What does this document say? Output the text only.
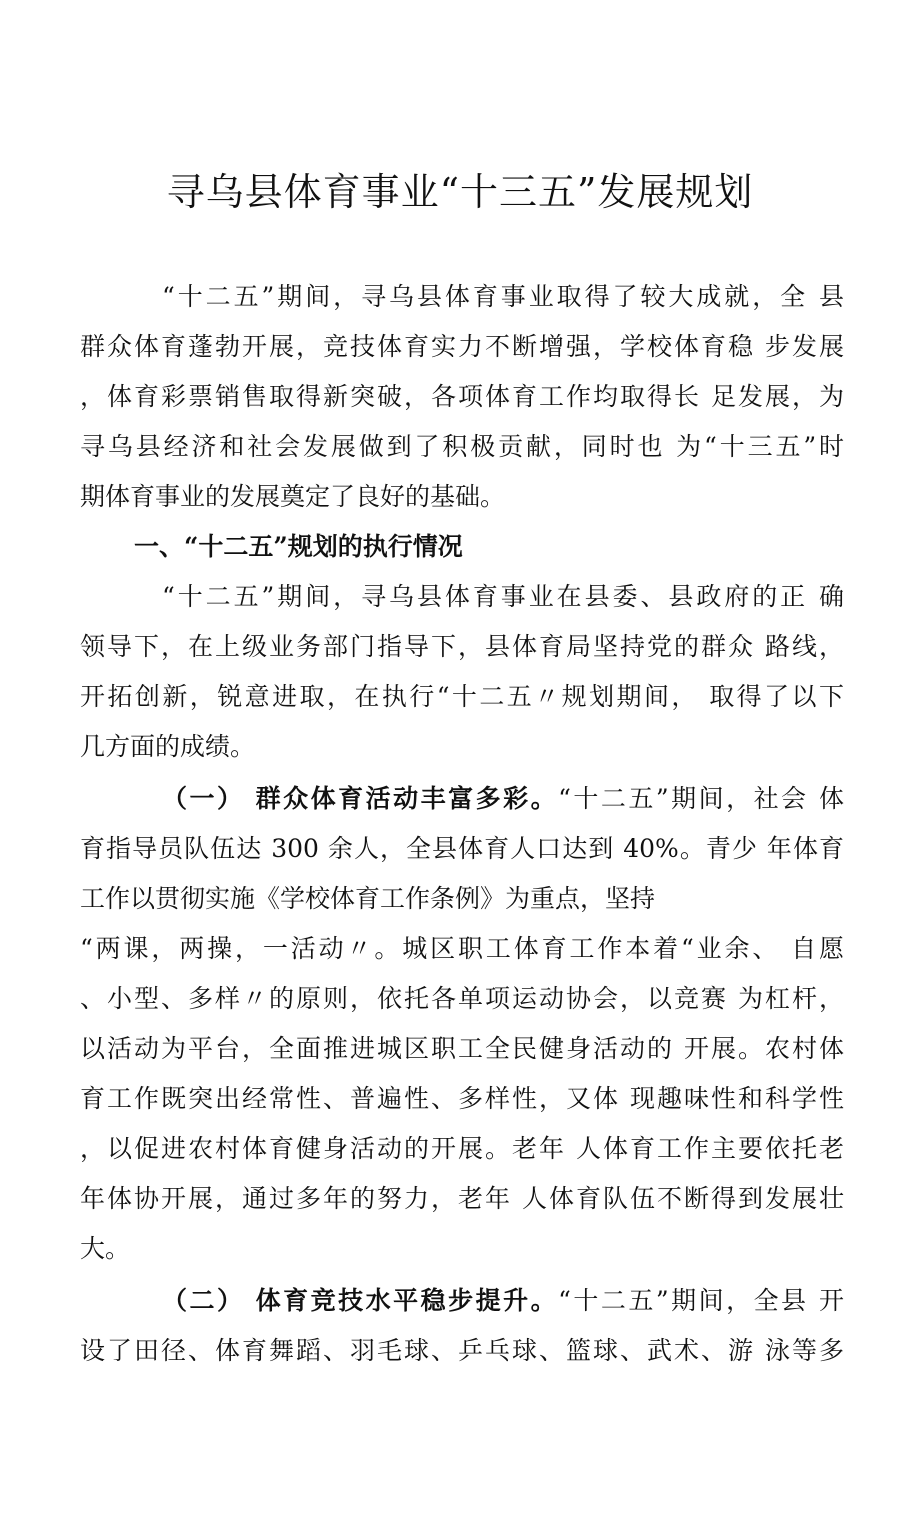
寻乌县体育事业“十三五”发展规划
“十二五”期间，寻乌县体育事业取得了较大成就，全 县
群众体育蓬勃开展，竞技体育实力不断增强，学校体育稳 步发展
，体育彩票销售取得新突破，各项体育工作均取得长 足发展，为
寻乌县经济和社会发展做到了积极贡献，同时也 为“十三五”时
期体育事业的发展奠定了良好的基础。
一、“十二五”规划的执行情况
“十二五”期间，寻乌县体育事业在县委、县政府的正 确
领导下，在上级业务部门指导下，县体育局坚持党的群众 路线，
开拓创新，锐意进取，在执行“十二五〃规划期间， 取得了以下
几方面的成绩。
（一） 群众体育活动丰富多彩。“十二五”期间，社会 体
育指导员队伍达 300 余人，全县体育人口达到 40%。青少 年体育
工作以贯彻实施《学校体育工作条例》为重点，坚持
“两课，两操，一活动〃。城区职工体育工作本着“业余、 自愿
、小型、多样〃的原则，依托各单项运动协会，以竞赛 为杠杆，
以活动为平台，全面推进城区职工全民健身活动的 开展。农村体
育工作既突出经常性、普遍性、多样性，又体 现趣味性和科学性
，以促进农村体育健身活动的开展。老年 人体育工作主要依托老
年体协开展，通过多年的努力，老年 人体育队伍不断得到发展壮
大。
（二） 体育竞技水平稳步提升。“十二五”期间，全县 开
设了田径、体育舞蹈、羽毛球、乒乓球、篮球、武术、游 泳等多
